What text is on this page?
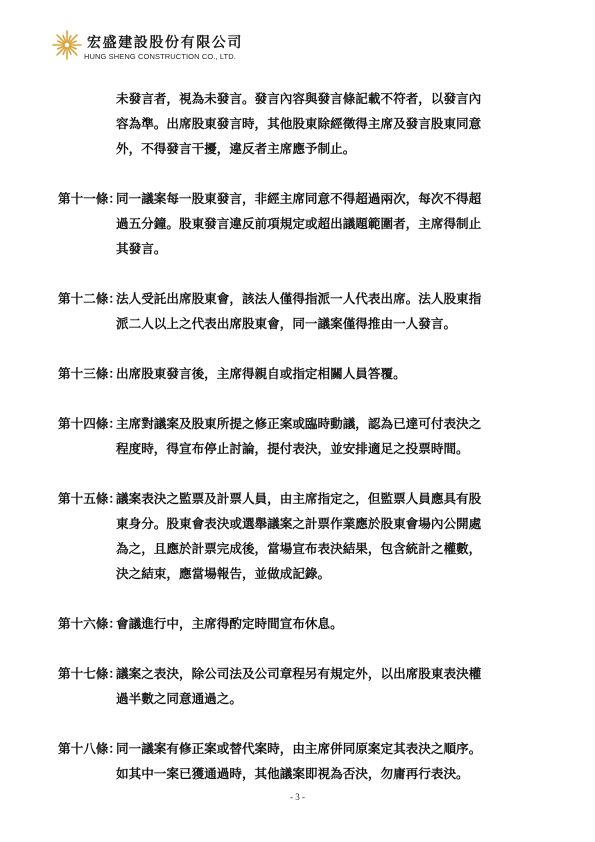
宏盛建設股份有限公司
HUNG SHENG CONSTRUCTION CO., LTD.
未發言者，視為未發言。發言內容與發言條記載不符者，以發言內
容為準。出席股東發言時，其他股東除經徵得主席及發言股東同意
外，不得發言干擾，違反者主席應予制止。
第十一條：
同一議案每一股東發言，非經主席同意不得超過兩次，每次不得超
過五分鐘。股東發言違反前項規定或超出議題範圍者，主席得制止
其發言。
第十二條：
法人受託出席股東會，該法人僅得指派一人代表出席。法人股東指
派二人以上之代表出席股東會，同一議案僅得推由一人發言。
第十三條：
出席股東發言後，主席得親自或指定相關人員答覆。
第十四條：
主席對議案及股東所提之修正案或臨時動議，認為已達可付表決之
程度時，得宣布停止討論，提付表決，並安排適足之投票時間。
第十五條：
議案表決之監票及計票人員，由主席指定之，但監票人員應具有股
東身分。股東會表決或選舉議案之計票作業應於股東會場內公開處
為之，且應於計票完成後，當場宣布表決結果，包含統計之權數，
決之結束，應當場報告，並做成記錄。
第十六條：
會議進行中，主席得酌定時間宣布休息。
第十七條：
議案之表決，除公司法及公司章程另有規定外，以出席股東表決權
過半數之同意通過之。
第十八條：
同一議案有修正案或替代案時，由主席併同原案定其表決之順序。
如其中一案已獲通過時，其他議案即視為否決，勿庸再行表決。
- 3 -
